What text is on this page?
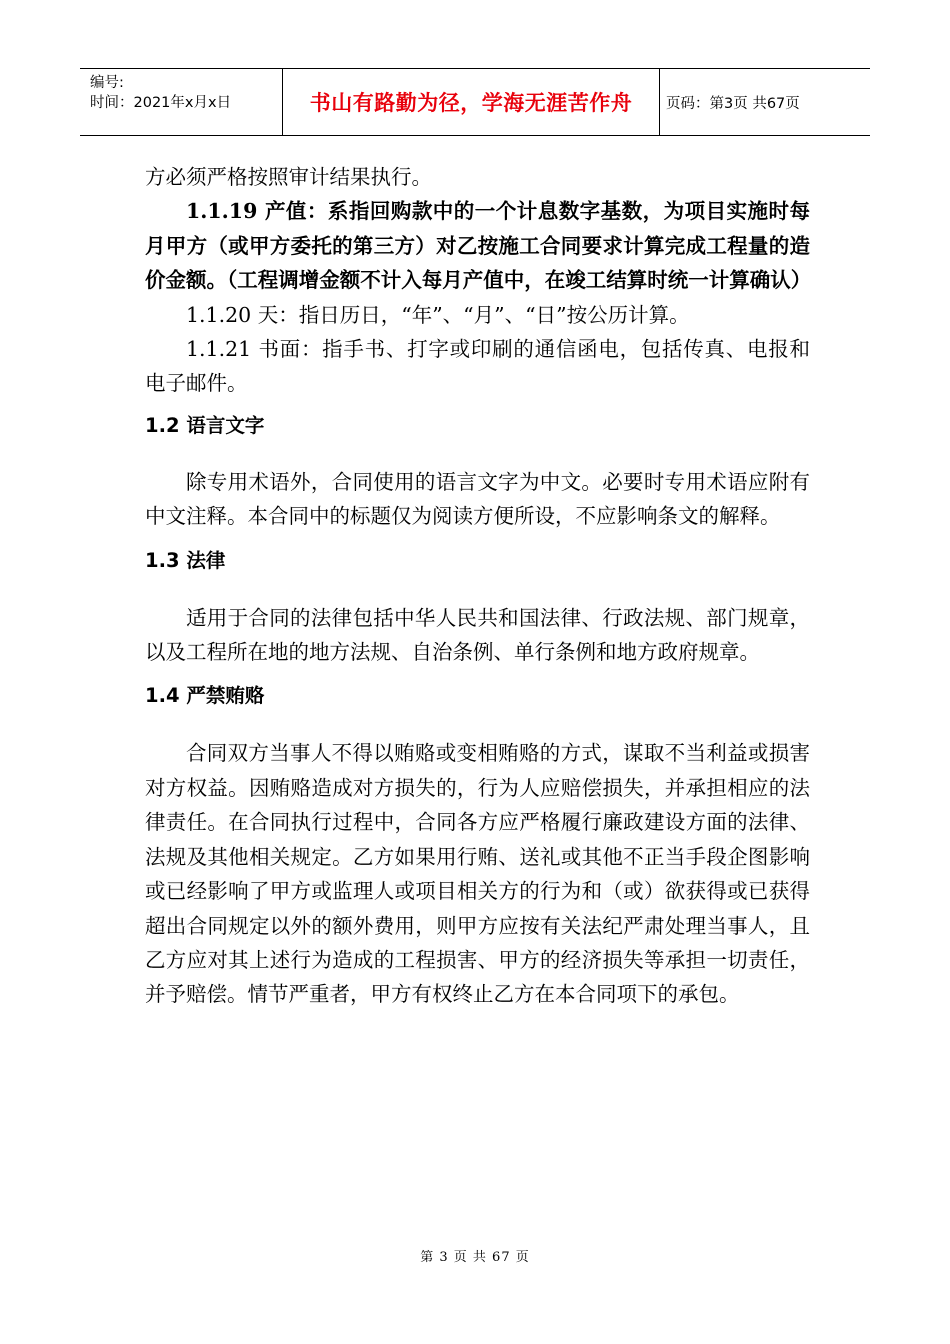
编号:
时间：2021年x月x日	书山有路勤为径，学海无涯苦作舟	页码：第3页 共67页

方必须严格按照审计结果执行。

1.1.19 产值：系指回购款中的一个计息数字基数，为项目实施时每月甲方（或甲方委托的第三方）对乙按施工合同要求计算完成工程量的造价金额。（工程调增金额不计入每月产值中，在竣工结算时统一计算确认）

1.1.20 天：指日历日，“年”、“月”、“日”按公历计算。

1.1.21 书面：指手书、打字或印刷的通信函电，包括传真、电报和电子邮件。

1.2 语言文字

除专用术语外，合同使用的语言文字为中文。必要时专用术语应附有中文注释。本合同中的标题仅为阅读方便所设，不应影响条文的解释。

1.3 法律

适用于合同的法律包括中华人民共和国法律、行政法规、部门规章，以及工程所在地的地方法规、自治条例、单行条例和地方政府规章。

1.4 严禁贿赂

合同双方当事人不得以贿赂或变相贿赂的方式，谋取不当利益或损害对方权益。因贿赂造成对方损失的，行为人应赔偿损失，并承担相应的法律责任。在合同执行过程中，合同各方应严格履行廉政建设方面的法律、法规及其他相关规定。乙方如果用行贿、送礼或其他不正当手段企图影响或已经影响了甲方或监理人或项目相关方的行为和（或）欲获得或已获得超出合同规定以外的额外费用，则甲方应按有关法纪严肃处理当事人，且乙方应对其上述行为造成的工程损害、甲方的经济损失等承担一切责任，并予赔偿。情节严重者，甲方有权终止乙方在本合同项下的承包。

第 3 页 共 67 页
